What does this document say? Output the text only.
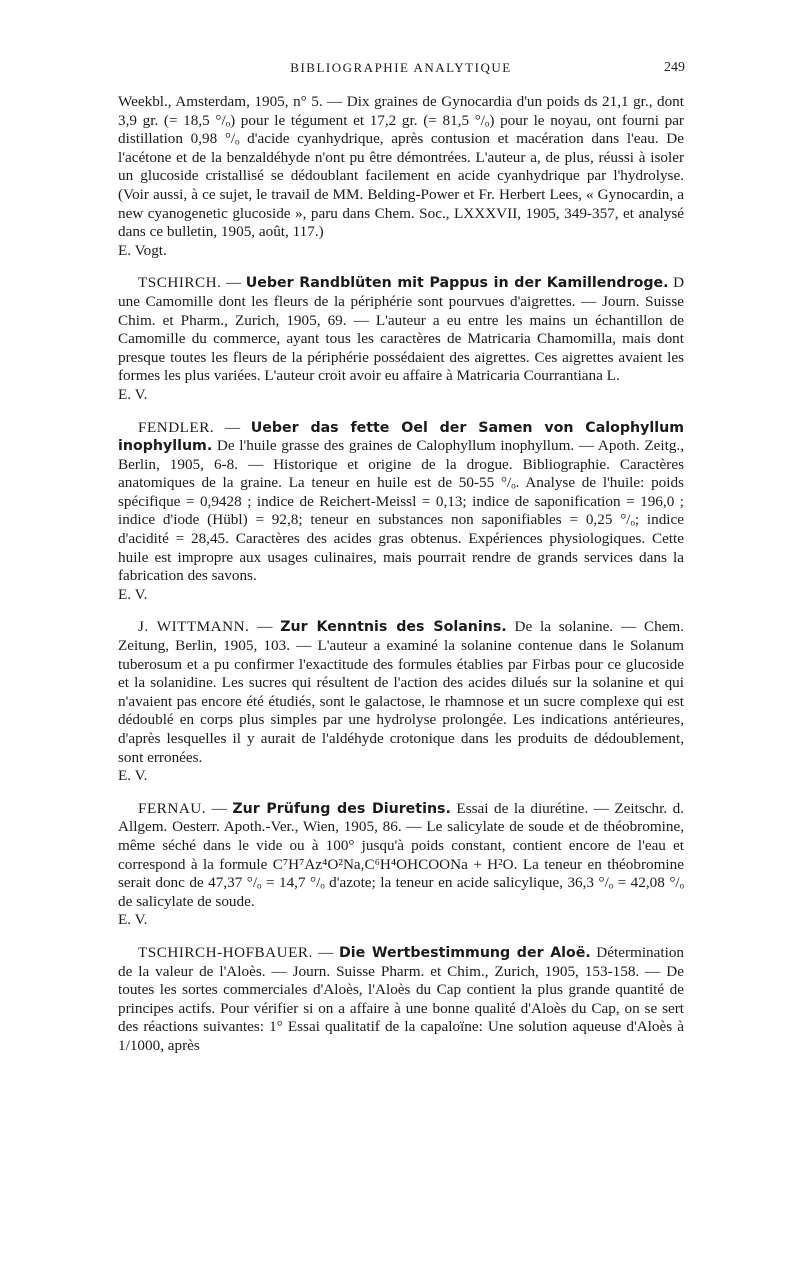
BIBLIOGRAPHIE ANALYTIQUE	249

Weekbl., Amsterdam, 1905, n° 5. — Dix graines de Gynocardia d'un poids ds 21,1 gr., dont 3,9 gr. (= 18,5 °/ₒ) pour le tégument et 17,2 gr. (= 81,5 °/ₒ) pour le noyau, ont fourni par distillation 0,98 °/ₒ d'acide cyanhydrique, après contusion et macération dans l'eau. De l'acétone et de la benzaldéhyde n'ont pu être démontrées. L'auteur a, de plus, réussi à isoler un glucoside cristallisé se dédoublant facilement en acide cyanhydrique par l'hydrolyse. (Voir aussi, à ce sujet, le travail de MM. Belding-Power et Fr. Herbert Lees, « Gynocardin, a new cyanogenetic glucoside », paru dans Chem. Soc., LXXXVII, 1905, 349-357, et analysé dans ce bulletin, 1905, août, 117.)

E. Vogt.

TSCHIRCH. — Ueber Randblüten mit Pappus in der Kamillendroge. D une Camomille dont les fleurs de la périphérie sont pourvues d'aigrettes. — Journ. Suisse Chim. et Pharm., Zurich, 1905, 69. — L'auteur a eu entre les mains un échantillon de Camomille du commerce, ayant tous les caractères de Matricaria Chamomilla, mais dont presque toutes les fleurs de la périphérie possédaient des aigrettes. Ces aigrettes avaient les formes les plus variées. L'auteur croit avoir eu affaire à Matricaria Courrantiana L.

E. V.

FENDLER. — Ueber das fette Oel der Samen von Calophyllum inophyllum. De l'huile grasse des graines de Calophyllum inophyllum. — Apoth. Zeitg., Berlin, 1905, 6-8. — Historique et origine de la drogue. Bibliographie. Caractères anatomiques de la graine. La teneur en huile est de 50-55 °/ₒ. Analyse de l'huile: poids spécifique = 0,9428 ; indice de Reichert-Meissl = 0,13; indice de saponification = 196,0 ; indice d'iode (Hübl) = 92,8; teneur en substances non saponifiables = 0,25 °/ₒ; indice d'acidité = 28,45. Caractères des acides gras obtenus. Expériences physiologiques. Cette huile est impropre aux usages culinaires, mais pourrait rendre de grands services dans la fabrication des savons.

E. V.

J. WITTMANN. — Zur Kenntnis des Solanins. De la solanine. — Chem. Zeitung, Berlin, 1905, 103. — L'auteur a examiné la solanine contenue dans le Solanum tuberosum et a pu confirmer l'exactitude des formules établies par Firbas pour ce glucoside et la solanidine. Les sucres qui résultent de l'action des acides dilués sur la solanine et qui n'avaient pas encore été étudiés, sont le galactose, le rhamnose et un sucre complexe qui est dédoublé en corps plus simples par une hydrolyse prolongée. Les indications antérieures, d'après lesquelles il y aurait de l'aldéhyde crotonique dans les produits de dédoublement, sont erronées.

E. V.

FERNAU. — Zur Prüfung des Diuretins. Essai de la diurétine. — Zeitschr. d. Allgem. Oesterr. Apoth.-Ver., Wien, 1905, 86. — Le salicylate de soude et de théobromine, même séché dans le vide ou à 100° jusqu'à poids constant, contient encore de l'eau et correspond à la formule C⁷H⁷Az⁴O²Na,C⁶H⁴OHCOONa + H²O. La teneur en théobromine serait donc de 47,37 °/ₒ = 14,7 °/ₒ d'azote; la teneur en acide salicylique, 36,3 °/ₒ = 42,08 °/ₒ de salicylate de soude.

E. V.

TSCHIRCH-HOFBAUER. — Die Wertbestimmung der Aloë. Détermination de la valeur de l'Aloès. — Journ. Suisse Pharm. et Chim., Zurich, 1905, 153-158. — De toutes les sortes commerciales d'Aloès, l'Aloès du Cap contient la plus grande quantité de principes actifs. Pour vérifier si on a affaire à une bonne qualité d'Aloès du Cap, on se sert des réactions suivantes: 1° Essai qualitatif de la capaloïne: Une solution aqueuse d'Aloès à 1/1000, après
